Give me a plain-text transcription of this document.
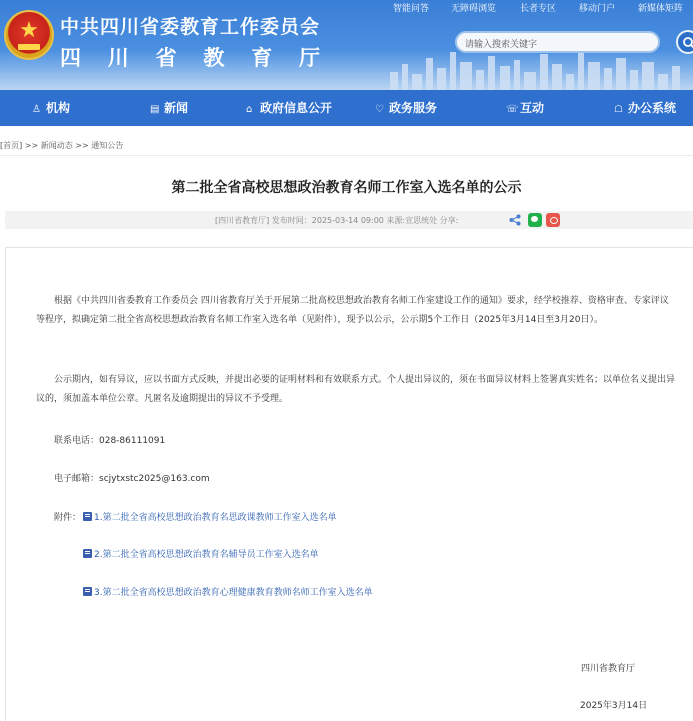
★	中共四川省委教育工作委员会
四 川 省 教 育 厅
智能问答 无障碍浏览	长者专区	移动门户	新媒体矩阵
请输入搜索关键字
♙ 机构	▤ 新闻	⌂ 政府信息公开	♡ 政务服务	☏互动	☖ 办公系统
[首页] >> 新闻动态 >> 通知公告
第二批全省高校思想政治教育名师工作室入选名单的公示
[四川省教育厅] 发布时间：2025-03-14 09:00 来源:宣思统处 分享:
根据《中共四川省委教育工作委员会 四川省教育厅关于开展第二批高校思想政治教育名师工作室建设工作的通知》要求，经学校推荐、资格审查、专家评议等程序，拟确定第二批全省高校思想政治教育名师工作室入选名单（见附件），现予以公示，公示期5个工作日（2025年3月14日至3月20日）。
公示期内，如有异议，应以书面方式反映，并提出必要的证明材料和有效联系方式。个人提出异议的，须在书面异议材料上签署真实姓名；以单位名义提出异议的，须加盖本单位公章。凡匿名及逾期提出的异议不予受理。
联系电话：028-86111091
电子邮箱：scjytxstc2025@163.com
附件：	1.第二批全省高校思想政治教育名思政课教师工作室入选名单
2.第二批全省高校思想政治教育名辅导员工作室入选名单
3.第二批全省高校思想政治教育心理健康教育教师名师工作室入选名单
四川省教育厅
2025年3月14日
